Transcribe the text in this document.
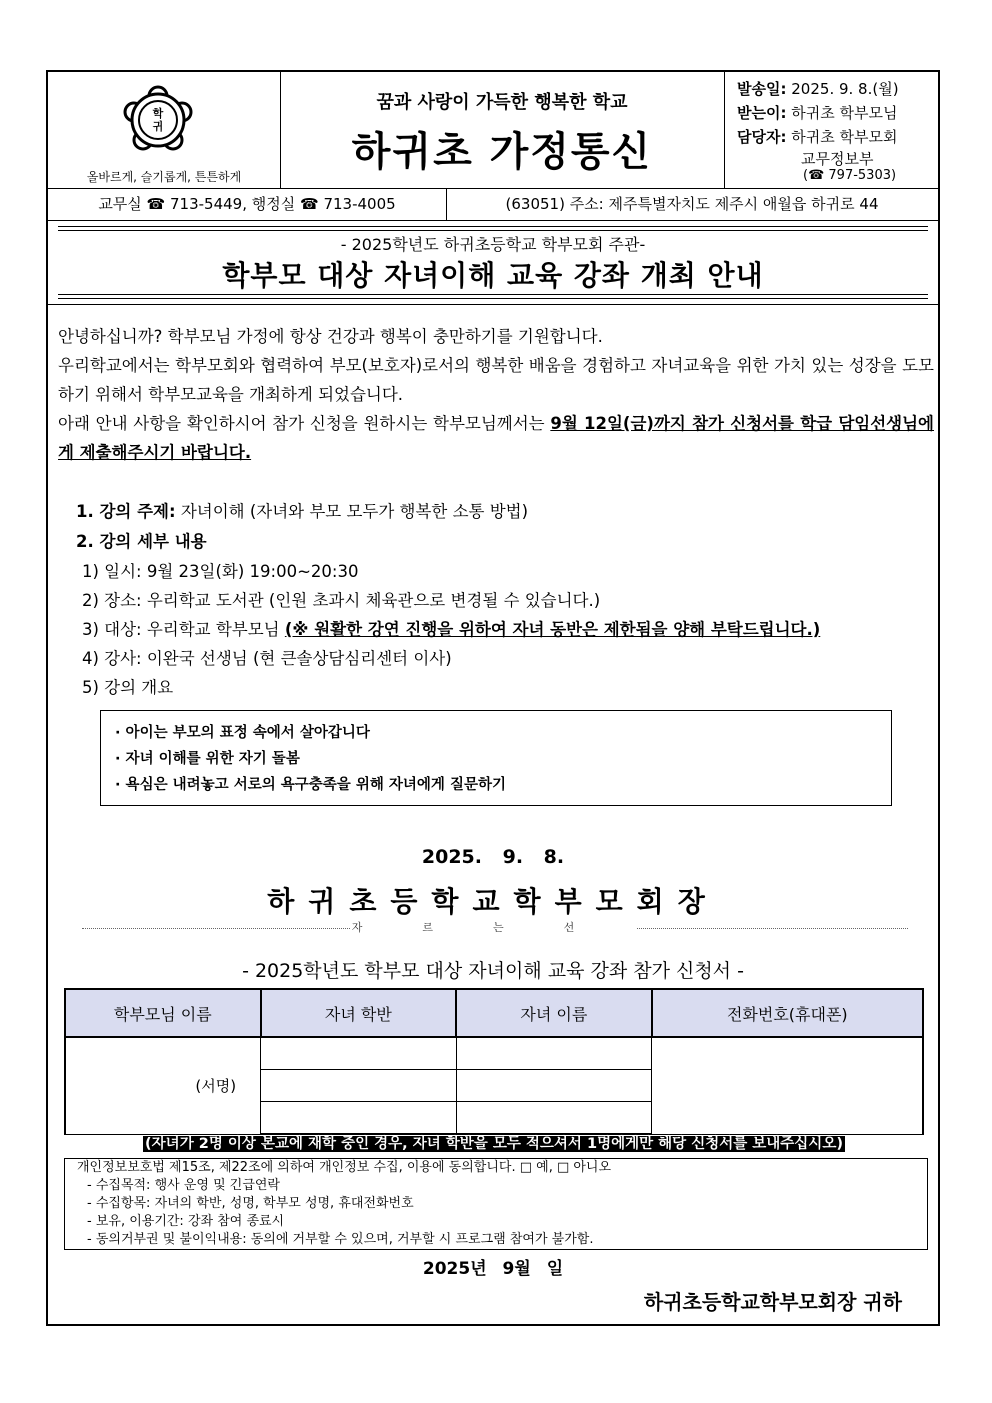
학
귀
올바르게, 슬기롭게, 튼튼하게
꿈과 사랑이 가득한 행복한 학교
하귀초 가정통신
발송일: 2025. 9. 8.(월)
받는이: 하귀초 학부모님
담당자: 하귀초 학부모회
교무정보부
(☎ 797-5303)
교무실 ☎ 713-5449, 행정실 ☎ 713-4005	(63051) 주소: 제주특별자치도 제주시 애월읍 하귀로 44
- 2025학년도 하귀초등학교 학부모회 주관-
학부모 대상 자녀이해 교육 강좌 개최 안내

안녕하십니까? 학부모님 가정에 항상 건강과 행복이 충만하기를 기원합니다.

우리학교에서는 학부모회와 협력하여 부모(보호자)로서의 행복한 배움을 경험하고 자녀교육을 위한 가치 있는 성장을 도모하기 위해서 학부모교육을 개최하게 되었습니다.

아래 안내 사항을 확인하시어 참가 신청을 원하시는 학부모님께서는 9월 12일(금)까지 참가 신청서를 학급 담임선생님에게 제출해주시기 바랍니다.

1. 강의 주제: 자녀이해 (자녀와 부모 모두가 행복한 소통 방법)
2. 강의 세부 내용
1) 일시: 9월 23일(화) 19:00~20:30
2) 장소: 우리학교 도서관 (인원 초과시 체육관으로 변경될 수 있습니다.)
3) 대상: 우리학교 학부모님 (※ 원활한 강연 진행을 위하여 자녀 동반은 제한됨을 양해 부탁드립니다.)
4) 강사: 이완국 선생님 (현 큰솔상담심리센터 이사)
5) 강의 개요
· 아이는 부모의 표정 속에서 살아갑니다
· 자녀 이해를 위한 자기 돌봄
· 욕심은 내려놓고 서로의 욕구충족을 위해 자녀에게 질문하기
2025. 9. 8.
하귀초등학교학부모회장
자르는선
- 2025학년도 학부모 대상 자녀이해 교육 강좌 참가 신청서 -
학부모님 이름	자녀 학반	자녀 이름	전화번호(휴대폰)
(서명)			

(자녀가 2명 이상 본교에 재학 중인 경우, 자녀 학반을 모두 적으셔서 1명에게만 해당 신청서를 보내주십시오)
개인정보보호법 제15조, 제22조에 의하여 개인정보 수집, 이용에 동의합니다. □ 예, □ 아니오
- 수집목적: 행사 운영 및 긴급연락
- 수집항목: 자녀의 학반, 성명, 학부모 성명, 휴대전화번호
- 보유, 이용기간: 강좌 참여 종료시
- 동의거부권 및 불이익내용: 동의에 거부할 수 있으며, 거부할 시 프로그램 참여가 불가함.
2025년 9월 일
하귀초등학교학부모회장 귀하
